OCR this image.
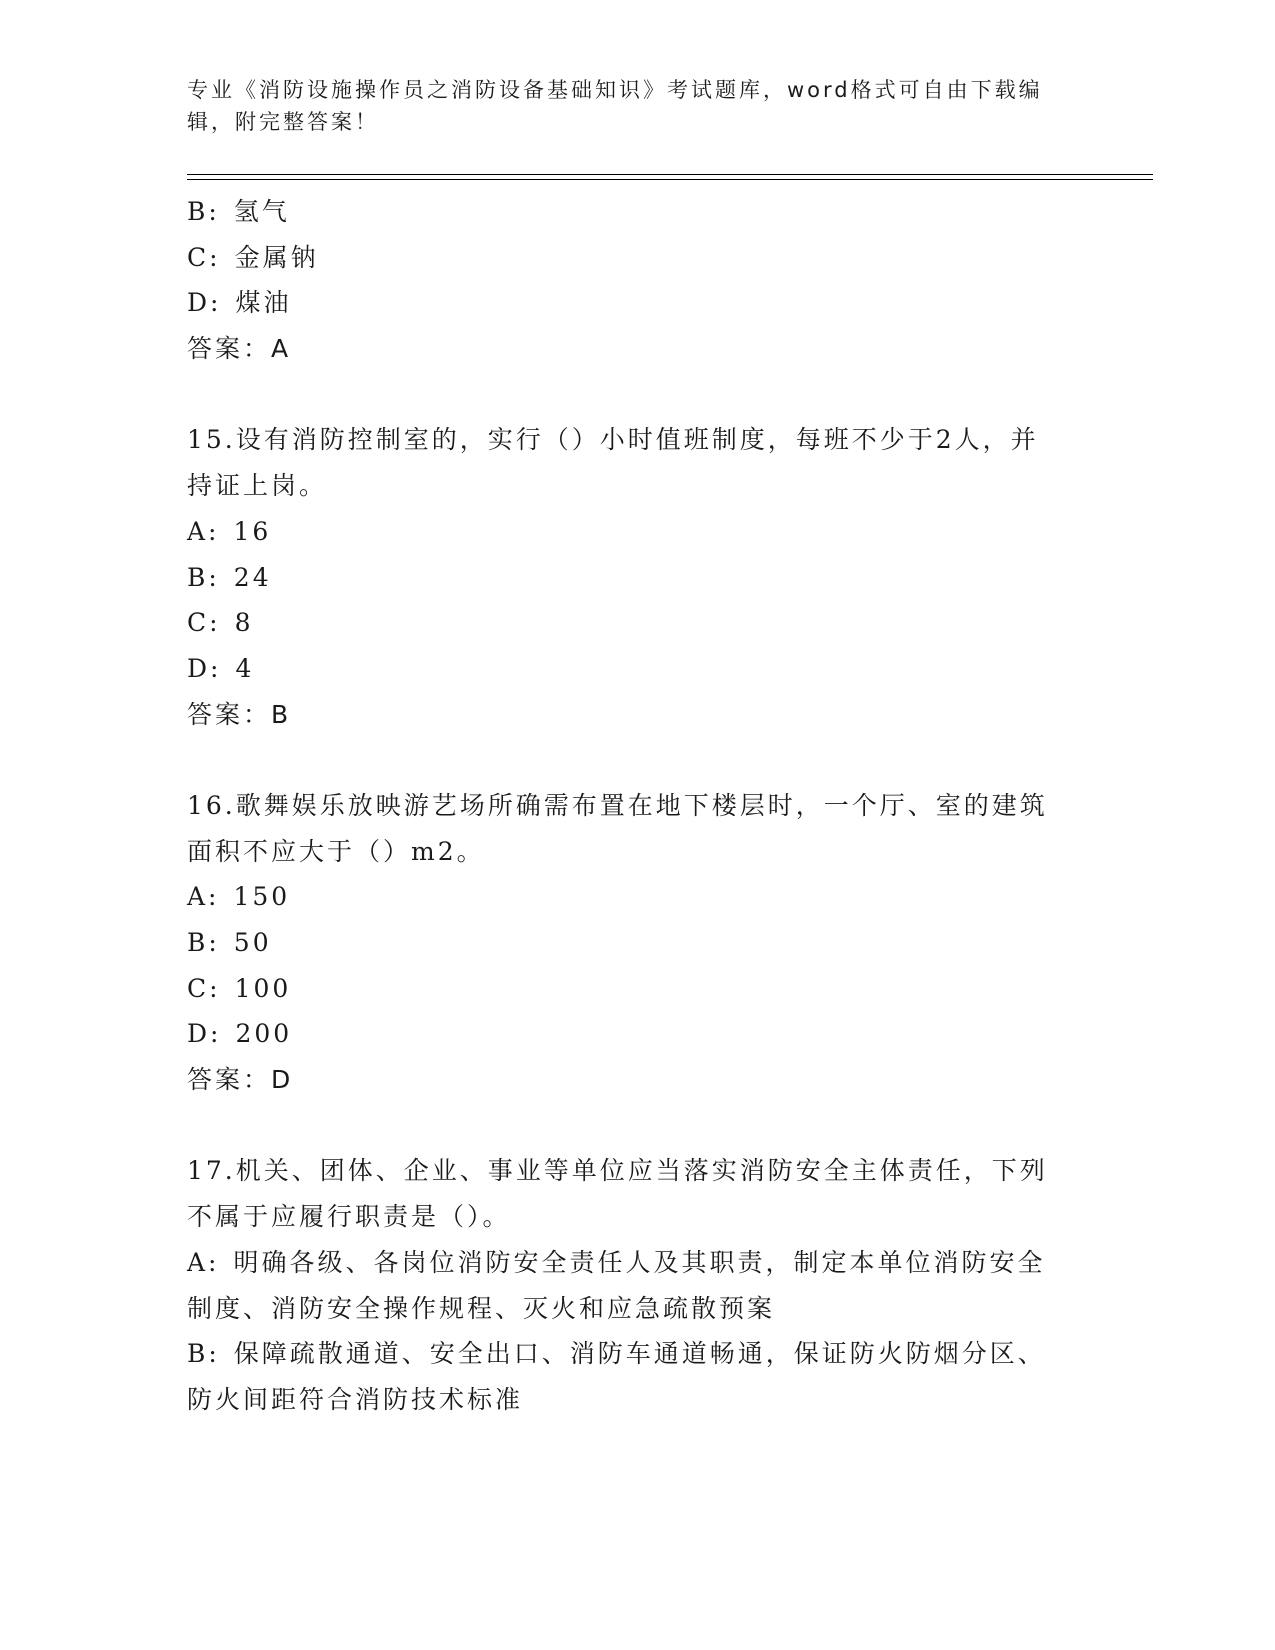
专业《消防设施操作员之消防设备基础知识》考试题库，word格式可自由下载编辑，附完整答案！
B: 氢气
C: 金属钠
D: 煤油
答案：A
15.设有消防控制室的，实行（）小时值班制度，每班不少于2人，并
持证上岗。
A: 16
B: 24
C: 8
D: 4
答案：B
16.歌舞娱乐放映游艺场所确需布置在地下楼层时，一个厅、室的建筑
面积不应大于（）m2。
A: 150
B: 50
C: 100
D: 200
答案：D
17.机关、团体、企业、事业等单位应当落实消防安全主体责任，下列
不属于应履行职责是（）。
A: 明确各级、各岗位消防安全责任人及其职责，制定本单位消防安全
制度、消防安全操作规程、灭火和应急疏散预案
B: 保障疏散通道、安全出口、消防车通道畅通，保证防火防烟分区、
防火间距符合消防技术标准
